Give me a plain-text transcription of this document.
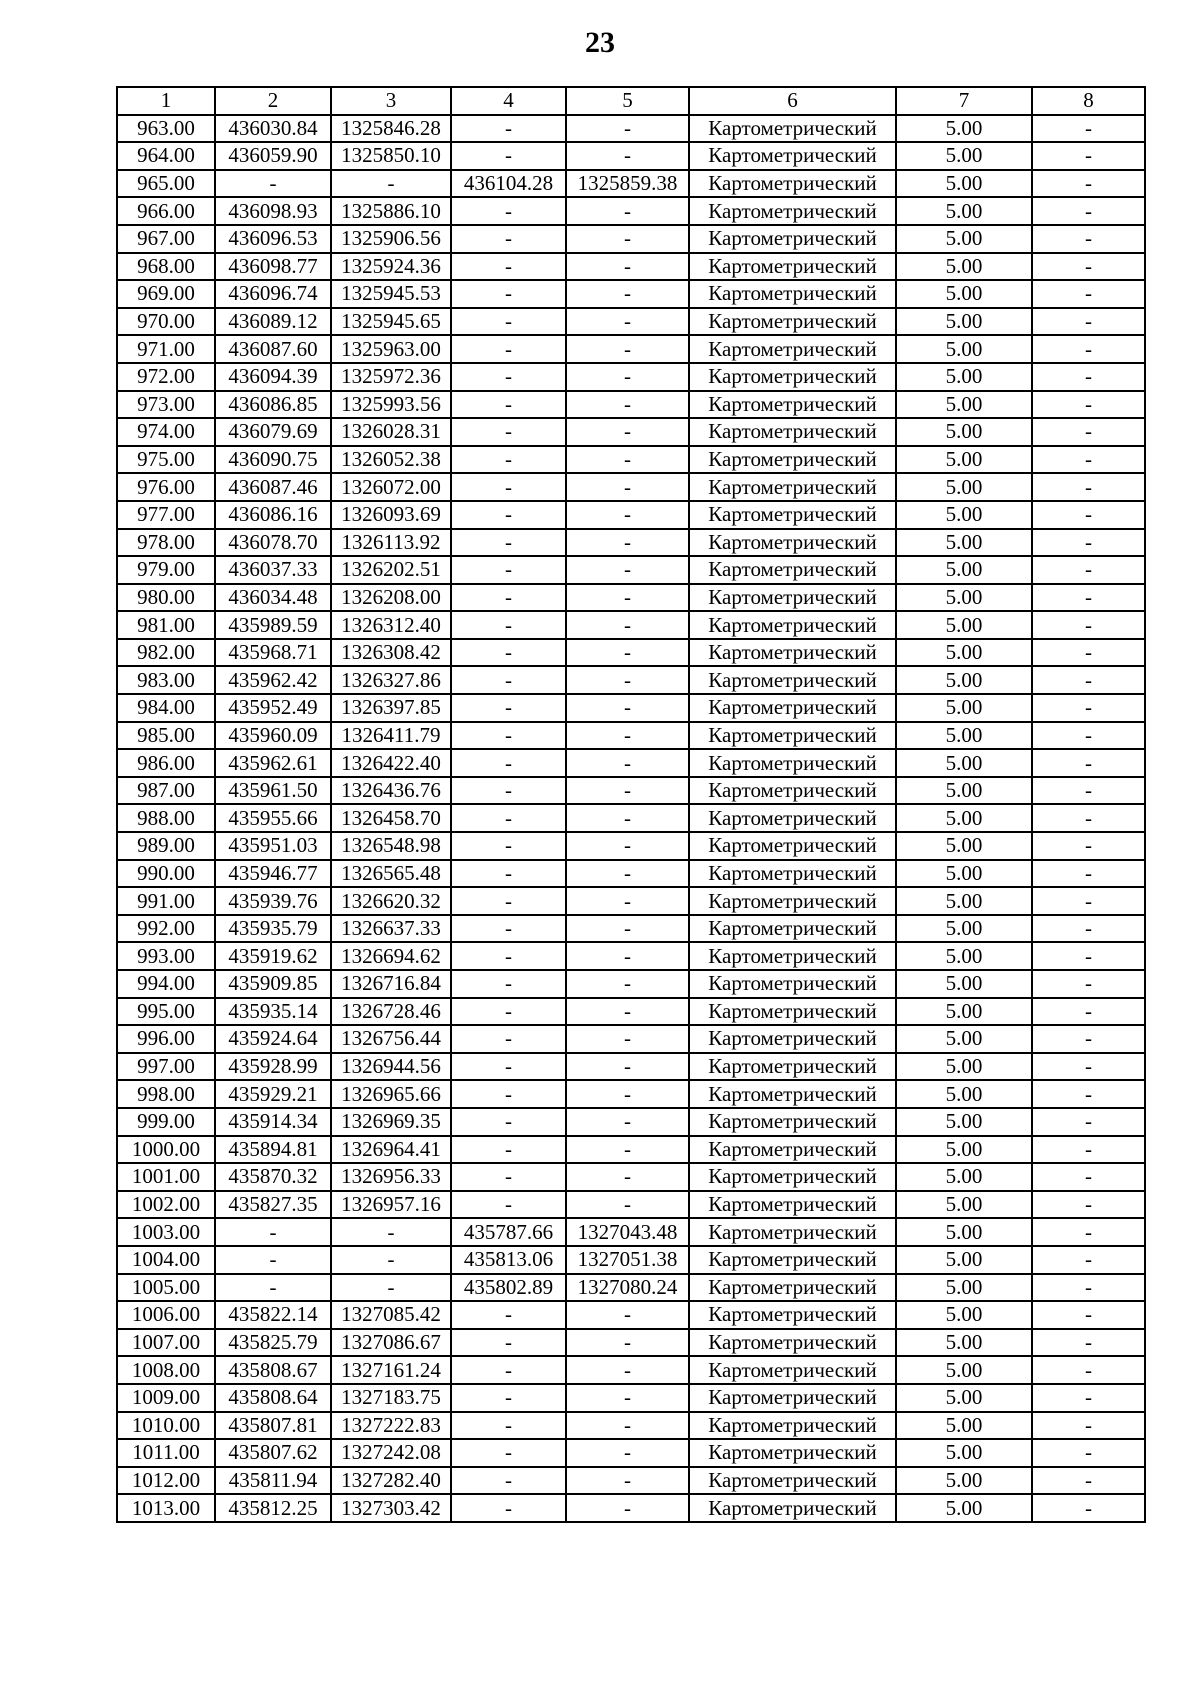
23
1	2	3	4	5	6	7	8
963.00	436030.84	1325846.28	-	-	Картометрический	5.00	-
964.00	436059.90	1325850.10	-	-	Картометрический	5.00	-
965.00	-	-	436104.28	1325859.38	Картометрический	5.00	-
966.00	436098.93	1325886.10	-	-	Картометрический	5.00	-
967.00	436096.53	1325906.56	-	-	Картометрический	5.00	-
968.00	436098.77	1325924.36	-	-	Картометрический	5.00	-
969.00	436096.74	1325945.53	-	-	Картометрический	5.00	-
970.00	436089.12	1325945.65	-	-	Картометрический	5.00	-
971.00	436087.60	1325963.00	-	-	Картометрический	5.00	-
972.00	436094.39	1325972.36	-	-	Картометрический	5.00	-
973.00	436086.85	1325993.56	-	-	Картометрический	5.00	-
974.00	436079.69	1326028.31	-	-	Картометрический	5.00	-
975.00	436090.75	1326052.38	-	-	Картометрический	5.00	-
976.00	436087.46	1326072.00	-	-	Картометрический	5.00	-
977.00	436086.16	1326093.69	-	-	Картометрический	5.00	-
978.00	436078.70	1326113.92	-	-	Картометрический	5.00	-
979.00	436037.33	1326202.51	-	-	Картометрический	5.00	-
980.00	436034.48	1326208.00	-	-	Картометрический	5.00	-
981.00	435989.59	1326312.40	-	-	Картометрический	5.00	-
982.00	435968.71	1326308.42	-	-	Картометрический	5.00	-
983.00	435962.42	1326327.86	-	-	Картометрический	5.00	-
984.00	435952.49	1326397.85	-	-	Картометрический	5.00	-
985.00	435960.09	1326411.79	-	-	Картометрический	5.00	-
986.00	435962.61	1326422.40	-	-	Картометрический	5.00	-
987.00	435961.50	1326436.76	-	-	Картометрический	5.00	-
988.00	435955.66	1326458.70	-	-	Картометрический	5.00	-
989.00	435951.03	1326548.98	-	-	Картометрический	5.00	-
990.00	435946.77	1326565.48	-	-	Картометрический	5.00	-
991.00	435939.76	1326620.32	-	-	Картометрический	5.00	-
992.00	435935.79	1326637.33	-	-	Картометрический	5.00	-
993.00	435919.62	1326694.62	-	-	Картометрический	5.00	-
994.00	435909.85	1326716.84	-	-	Картометрический	5.00	-
995.00	435935.14	1326728.46	-	-	Картометрический	5.00	-
996.00	435924.64	1326756.44	-	-	Картометрический	5.00	-
997.00	435928.99	1326944.56	-	-	Картометрический	5.00	-
998.00	435929.21	1326965.66	-	-	Картометрический	5.00	-
999.00	435914.34	1326969.35	-	-	Картометрический	5.00	-
1000.00	435894.81	1326964.41	-	-	Картометрический	5.00	-
1001.00	435870.32	1326956.33	-	-	Картометрический	5.00	-
1002.00	435827.35	1326957.16	-	-	Картометрический	5.00	-
1003.00	-	-	435787.66	1327043.48	Картометрический	5.00	-
1004.00	-	-	435813.06	1327051.38	Картометрический	5.00	-
1005.00	-	-	435802.89	1327080.24	Картометрический	5.00	-
1006.00	435822.14	1327085.42	-	-	Картометрический	5.00	-
1007.00	435825.79	1327086.67	-	-	Картометрический	5.00	-
1008.00	435808.67	1327161.24	-	-	Картометрический	5.00	-
1009.00	435808.64	1327183.75	-	-	Картометрический	5.00	-
1010.00	435807.81	1327222.83	-	-	Картометрический	5.00	-
1011.00	435807.62	1327242.08	-	-	Картометрический	5.00	-
1012.00	435811.94	1327282.40	-	-	Картометрический	5.00	-
1013.00	435812.25	1327303.42	-	-	Картометрический	5.00	-
